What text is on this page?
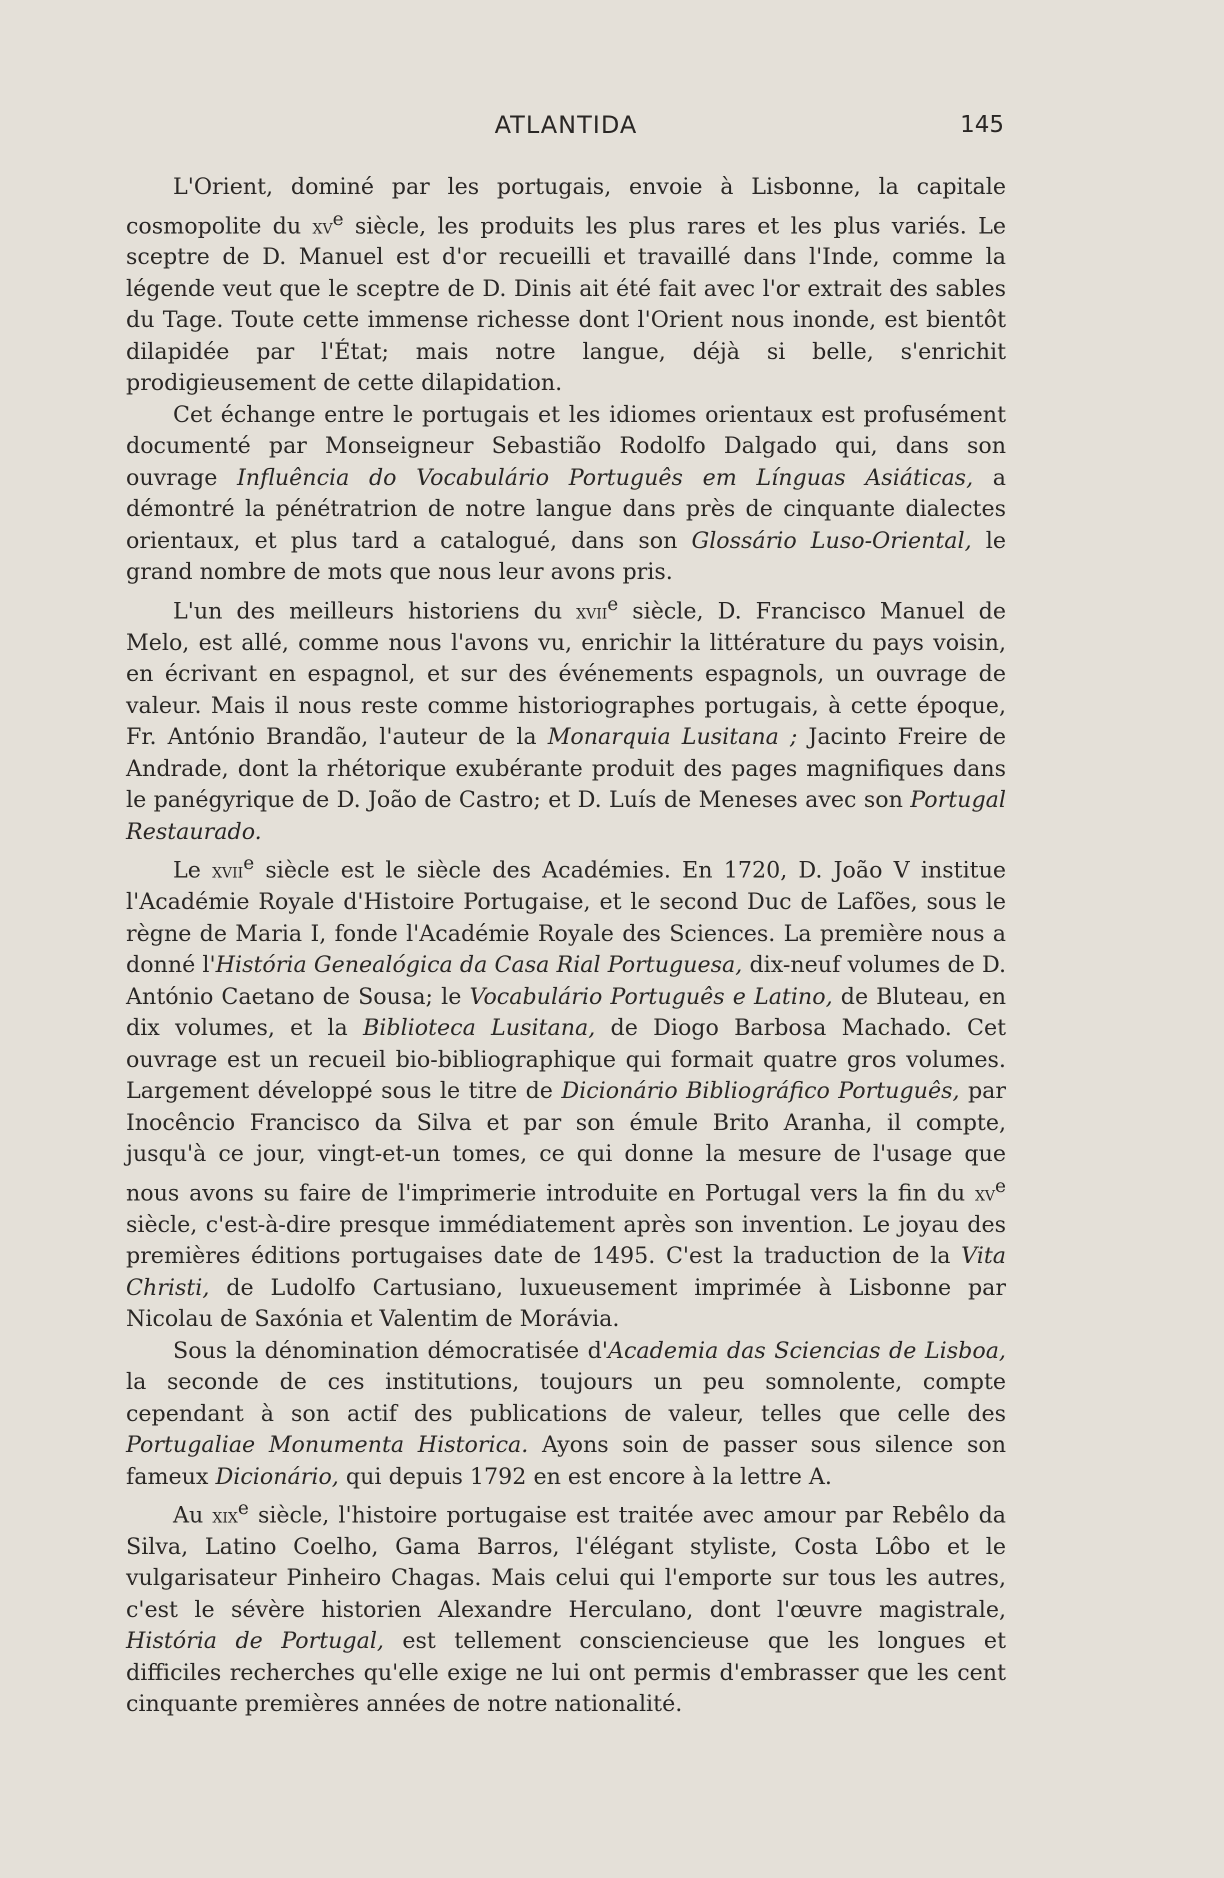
ATLANTIDA	145

L'Orient, dominé par les portugais, envoie à Lisbonne, la capitale cosmopolite du $xv^e$ siècle, les produits les plus rares et les plus variés. Le sceptre de D. Manuel est d'or recueilli et travaillé dans l'Inde, comme la légende veut que le sceptre de D. Dinis ait été fait avec l'or extrait des sables du Tage. Toute cette immense richesse dont l'Orient nous inonde, est bientôt dilapidée par l'État; mais notre langue, déjà si belle, s'enrichit prodigieusement de cette dilapidation.

Cet échange entre le portugais et les idiomes orientaux est profusément documenté par Monseigneur Sebastião Rodolfo Dalgado qui, dans son ouvrage Influência do Vocabulário Português em Línguas Asiáticas, a démontré la pénétratrion de notre langue dans près de cinquante dialectes orientaux, et plus tard a catalogué, dans son Glossário Luso-Oriental, le grand nombre de mots que nous leur avons pris.

L'un des meilleurs historiens du xvii$^e$ siècle, D. Francisco Manuel de Melo, est allé, comme nous l'avons vu, enrichir la littérature du pays voisin, en écrivant en espagnol, et sur des événements espagnols, un ouvrage de valeur. Mais il nous reste comme historiographes portugais, à cette époque, Fr. António Brandão, l'auteur de la Monarquia Lusitana ; Jacinto Freire de Andrade, dont la rhétorique exubérante produit des pages magnifiques dans le panégyrique de D. João de Castro; et D. Luís de Meneses avec son Portugal Restaurado.

Le xvii$^e$ siècle est le siècle des Académies. En 1720, D. João V institue l'Académie Royale d'Histoire Portugaise, et le second Duc de Lafões, sous le règne de Maria I, fonde l'Académie Royale des Sciences. La première nous a donné l'História Genealógica da Casa Rial Portuguesa, dix-neuf volumes de D. António Caetano de Sousa; le Vocabulário Português e Latino, de Bluteau, en dix volumes, et la Biblioteca Lusitana, de Diogo Barbosa Machado. Cet ouvrage est un recueil bio-bibliographique qui formait quatre gros volumes. Largement développé sous le titre de Dicionário Bibliográfico Português, par Inocêncio Francisco da Silva et par son émule Brito Aranha, il compte, jusqu'à ce jour, vingt-et-un tomes, ce qui donne la mesure de l'usage que nous avons su faire de l'imprimerie introduite en Portugal vers la fin du $xv^e$ siècle, c'est-à-dire presque immédiatement après son invention. Le joyau des premières éditions portugaises date de 1495. C'est la traduction de la Vita Christi, de Ludolfo Cartusiano, luxueusement imprimée à Lisbonne par Nicolau de Saxónia et Valentim de Morávia.

Sous la dénomination démocratisée d'Academia das Sciencias de Lisboa, la seconde de ces institutions, toujours un peu somnolente, compte cependant à son actif des publications de valeur, telles que celle des Portugaliae Monumenta Historica. Ayons soin de passer sous silence son fameux Dicionário, qui depuis 1792 en est encore à la lettre A.

Au xix$^e$ siècle, l'histoire portugaise est traitée avec amour par Rebêlo da Silva, Latino Coelho, Gama Barros, l'élégant styliste, Costa Lôbo et le vulgarisateur Pinheiro Chagas. Mais celui qui l'emporte sur tous les autres, c'est le sévère historien Alexandre Herculano, dont l'œuvre magistrale, História de Portugal, est tellement consciencieuse que les longues et difficiles recherches qu'elle exige ne lui ont permis d'embrasser que les cent cinquante premières années de notre nationalité.
